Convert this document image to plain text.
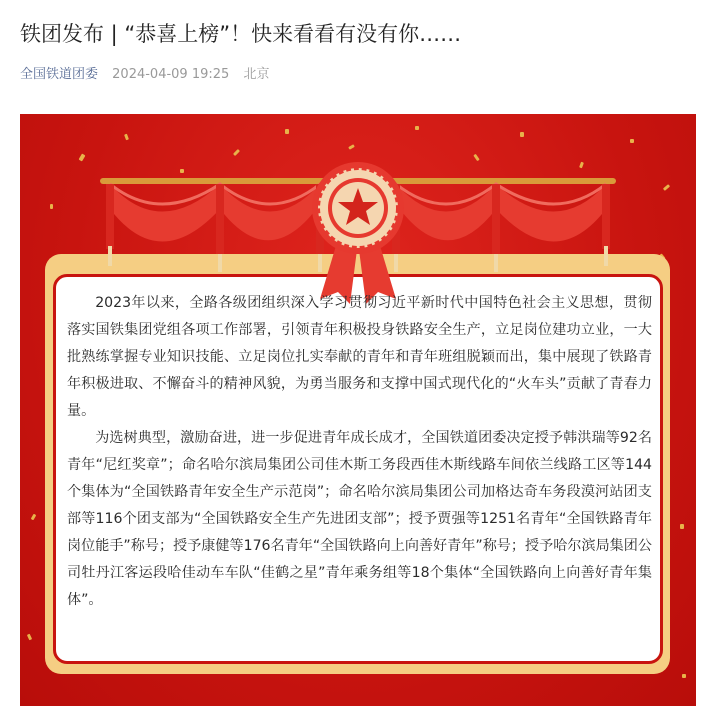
铁团发布 | “恭喜上榜”！快来看看有没有你……
全国铁道团委 2024-04-09 19:25 北京

2023年以来，全路各级团组织深入学习贯彻习近平新时代中国特色社会主义思想，贯彻落实国铁集团党组各项工作部署，引领青年积极投身铁路安全生产，立足岗位建功立业，一大批熟练掌握专业知识技能、立足岗位扎实奉献的青年和青年班组脱颖而出，集中展现了铁路青年积极进取、不懈奋斗的精神风貌，为勇当服务和支撑中国式现代化的“火车头”贡献了青春力量。

为选树典型，激励奋进，进一步促进青年成长成才，全国铁道团委决定授予韩洪瑞等92名青年“尼红奖章”；命名哈尔滨局集团公司佳木斯工务段西佳木斯线路车间依兰线路工区等144个集体为“全国铁路青年安全生产示范岗”；命名哈尔滨局集团公司加格达奇车务段漠河站团支部等116个团支部为“全国铁路安全生产先进团支部”；授予贾强等1251名青年“全国铁路青年岗位能手”称号；授予康健等176名青年“全国铁路向上向善好青年”称号；授予哈尔滨局集团公司牡丹江客运段哈佳动车车队“佳鹤之星”青年乘务组等18个集体“全国铁路向上向善好青年集体”。
